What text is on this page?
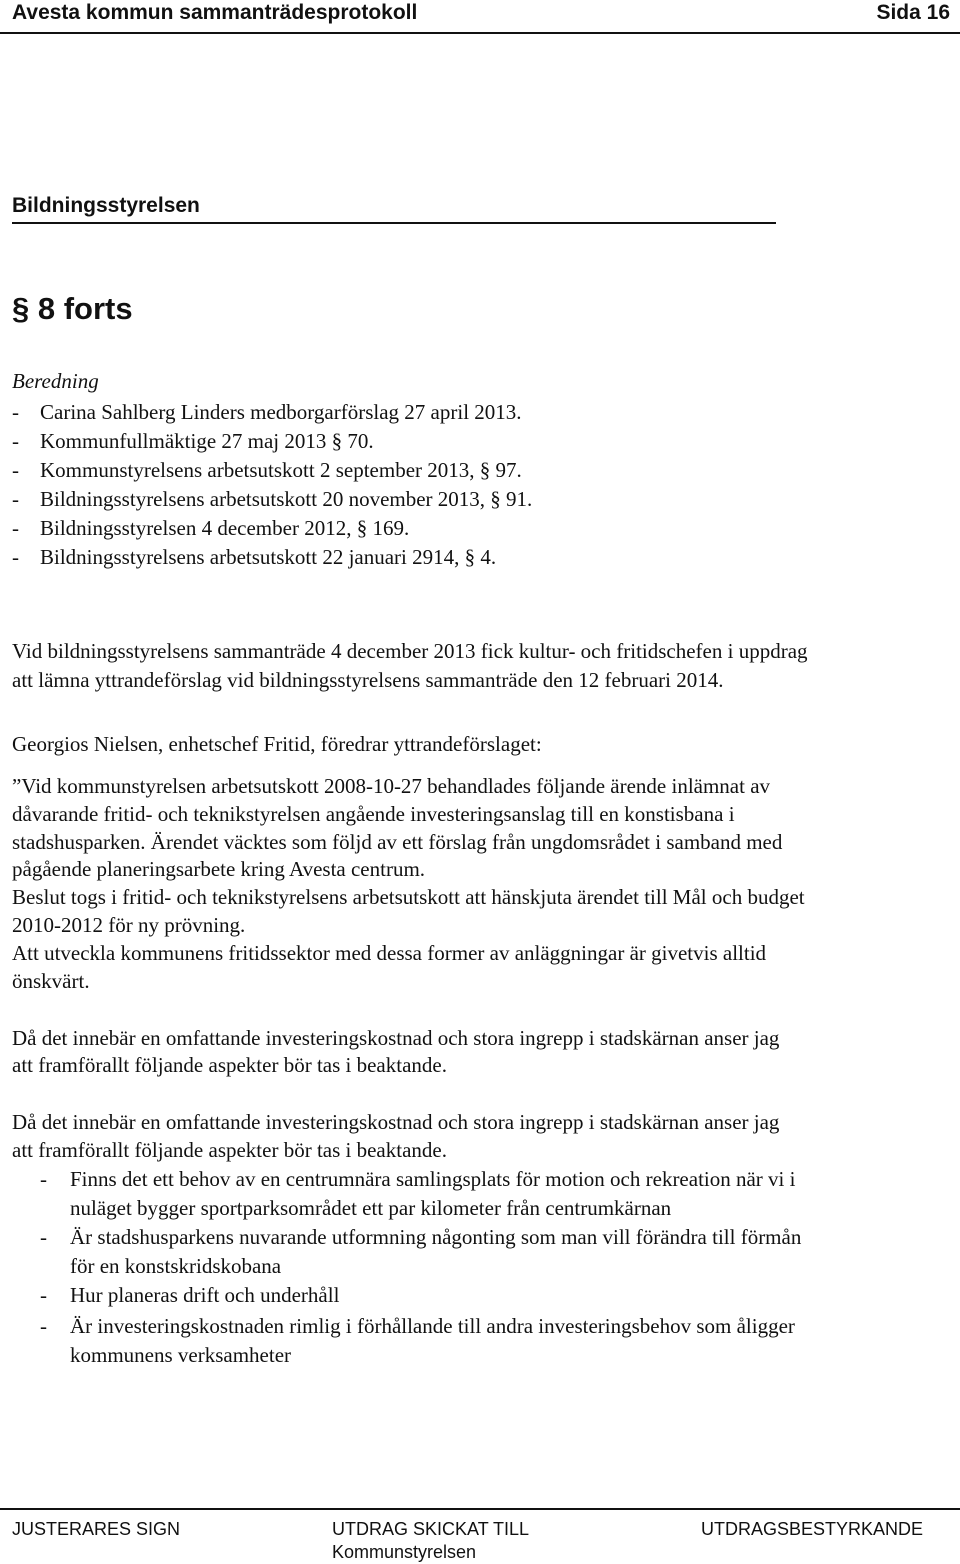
Avesta kommun sammanträdesprotokoll	Sida 16
Bildningsstyrelsen
§ 8 forts
Beredning
- Carina Sahlberg Linders medborgarförslag 27 april 2013.
- Kommunfullmäktige 27 maj 2013 § 70.
- Kommunstyrelsens arbetsutskott 2 september 2013, § 97.
- Bildningsstyrelsens arbetsutskott 20 november 2013, § 91.
- Bildningsstyrelsen 4 december 2012, § 169.
- Bildningsstyrelsens arbetsutskott 22 januari 2914, § 4.
Vid bildningsstyrelsens sammanträde 4 december 2013 fick kultur- och fritidschefen i uppdrag
att lämna yttrandeförslag vid bildningsstyrelsens sammanträde den 12 februari 2014.
Georgios Nielsen, enhetschef Fritid, föredrar yttrandeförslaget:
”Vid kommunstyrelsen arbetsutskott 2008-10-27 behandlades följande ärende inlämnat av
dåvarande fritid- och teknikstyrelsen angående investeringsanslag till en konstisbana i
stadshusparken. Ärendet väcktes som följd av ett förslag från ungdomsrådet i samband med
pågående planeringsarbete kring Avesta centrum.
Beslut togs i fritid- och teknikstyrelsens arbetsutskott att hänskjuta ärendet till Mål och budget
2010-2012 för ny prövning.
Att utveckla kommunens fritidssektor med dessa former av anläggningar är givetvis alltid
önskvärt.
Då det innebär en omfattande investeringskostnad och stora ingrepp i stadskärnan anser jag
att framförallt följande aspekter bör tas i beaktande.
Då det innebär en omfattande investeringskostnad och stora ingrepp i stadskärnan anser jag
att framförallt följande aspekter bör tas i beaktande.
- Finns det ett behov av en centrumnära samlingsplats för motion och rekreation när vi i
nuläget bygger sportparksområdet ett par kilometer från centrumkärnan
- Är stadshusparkens nuvarande utformning någonting som man vill förändra till förmån
för en konstskridskobana
- Hur planeras drift och underhåll
- Är investeringskostnaden rimlig i förhållande till andra investeringsbehov som åligger
kommunens verksamheter
JUSTERARES SIGN	UTDRAG SKICKAT TILL
Kommunstyrelsen
UTDRAGSBESTYRKANDE
